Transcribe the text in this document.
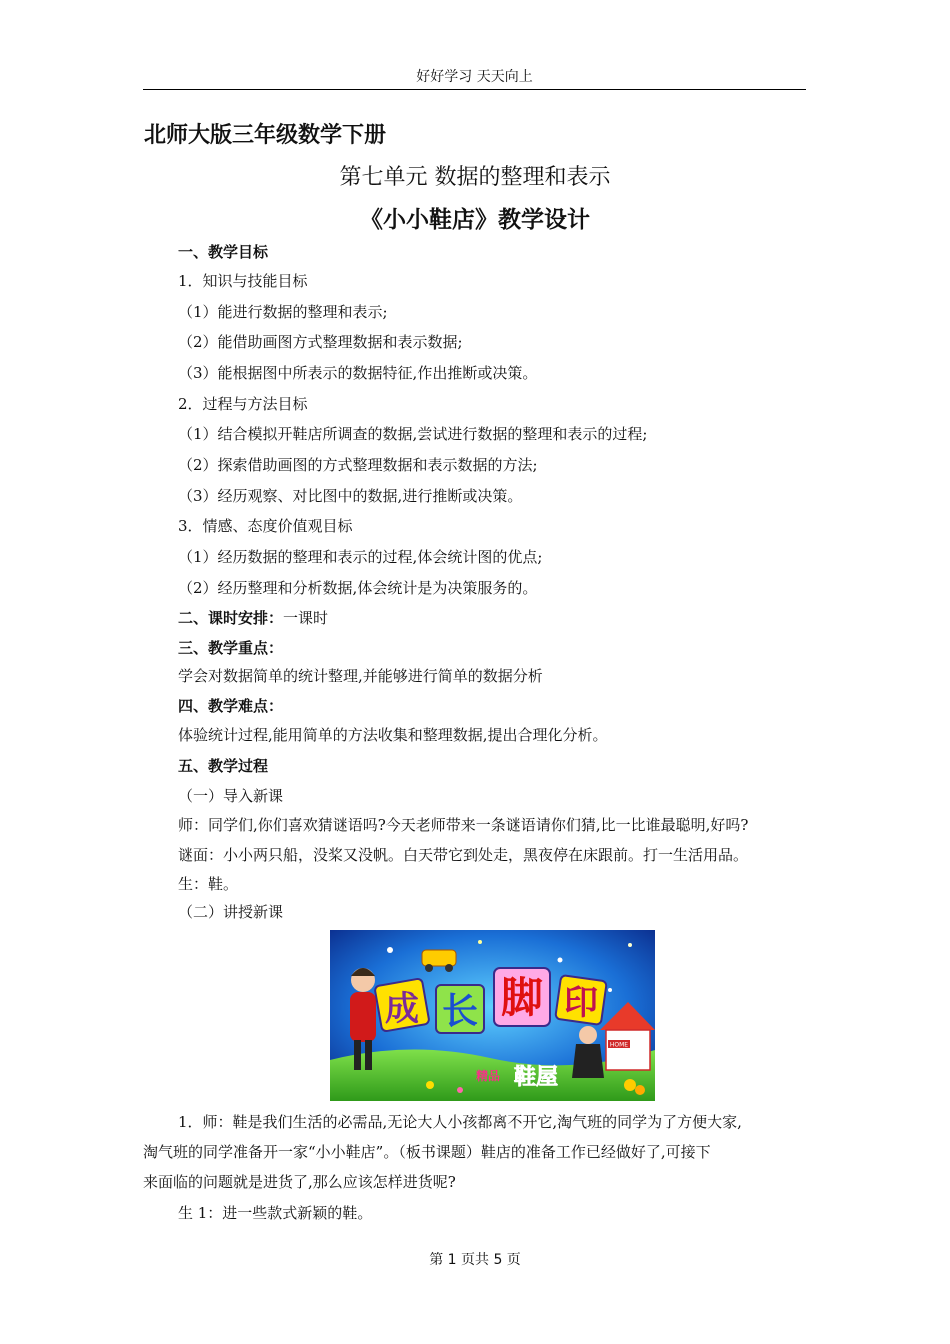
好好学习 天天向上
北师大版三年级数学下册
第七单元 数据的整理和表示
《小小鞋店》教学设计
一、教学目标
1．知识与技能目标
（1）能进行数据的整理和表示;
（2）能借助画图方式整理数据和表示数据;
（3）能根据图中所表示的数据特征,作出推断或决策。
2．过程与方法目标
（1）结合模拟开鞋店所调查的数据,尝试进行数据的整理和表示的过程;
（2）探索借助画图的方式整理数据和表示数据的方法;
（3）经历观察、对比图中的数据,进行推断或决策。
3．情感、态度价值观目标
（1）经历数据的整理和表示的过程,体会统计图的优点;
（2）经历整理和分析数据,体会统计是为决策服务的。
二、课时安排：一课时
三、教学重点：
学会对数据简单的统计整理,并能够进行简单的数据分析
四、教学难点：
体验统计过程,能用简单的方法收集和整理数据,提出合理化分析。
五、教学过程
（一）导入新课
师：同学们,你们喜欢猜谜语吗?今天老师带来一条谜语请你们猜,比一比谁最聪明,好吗?
谜面：小小两只船，没桨又没帆。白天带它到处走，黑夜停在床跟前。打一生活用品。
生：鞋。
（二）讲授新课
成 长 脚 印
HOME
精品 鞋屋
1．师：鞋是我们生活的必需品,无论大人小孩都离不开它,淘气班的同学为了方便大家,
淘气班的同学准备开一家“小小鞋店”。（板书课题）鞋店的准备工作已经做好了,可接下
来面临的问题就是进货了,那么应该怎样进货呢?
生 1：进一些款式新颖的鞋。
第 1 页共 5 页
